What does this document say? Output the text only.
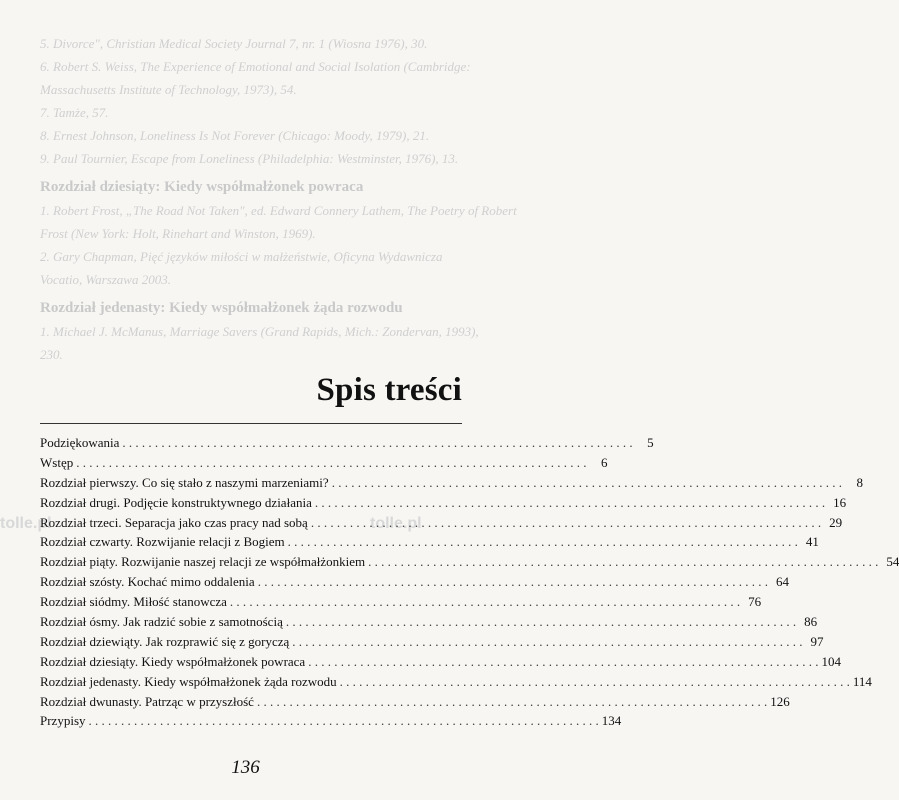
5. Divorce", Christian Medical Society Journal 7, nr. 1 (Wiosna 1976), 30.
6. Robert S. Weiss, The Experience of Emotional and Social Isolation (Cambridge:
Massachusetts Institute of Technology, 1973), 54.
7. Tamże, 57.
8. Ernest Johnson, Loneliness Is Not Forever (Chicago: Moody, 1979), 21.
9. Paul Tournier, Escape from Loneliness (Philadelphia: Westminster, 1976), 13.
Rozdział dziesiąty: Kiedy współmałżonek powraca
1. Robert Frost, „The Road Not Taken", ed. Edward Connery Lathem, The Poetry of Robert
Frost (New York: Holt, Rinehart and Winston, 1969).
2. Gary Chapman, Pięć języków miłości w małżeństwie, Oficyna Wydawnicza
Vocatio, Warszawa 2003.
Rozdział jedenasty: Kiedy współmałżonek żąda rozwodu
1. Michael J. McManus, Marriage Savers (Grand Rapids, Mich.: Zondervan, 1993),
230.
tolle.pl	tolle.pl
Spis treści
Podziękowania . . .	5
Wstęp . . .	6
Rozdział pierwszy. Co się stało z naszymi marzeniami? . . .	8
Rozdział drugi. Podjęcie konstruktywnego działania . . .	16
Rozdział trzeci. Separacja jako czas pracy nad sobą . . .	29
Rozdział czwarty. Rozwijanie relacji z Bogiem . . .	41
Rozdział piąty. Rozwijanie naszej relacji ze współmałżonkiem . . .	54
Rozdział szósty. Kochać mimo oddalenia . . .	64
Rozdział siódmy. Miłość stanowcza . . .	76
Rozdział ósmy. Jak radzić sobie z samotnością . . .	86
Rozdział dziewiąty. Jak rozprawić się z goryczą . . .	97
Rozdział dziesiąty. Kiedy współmałżonek powraca . . .	104
Rozdział jedenasty. Kiedy współmałżonek żąda rozwodu . . .	114
Rozdział dwunasty. Patrząc w przyszłość . . .	126
Przypisy . . .	134
136
